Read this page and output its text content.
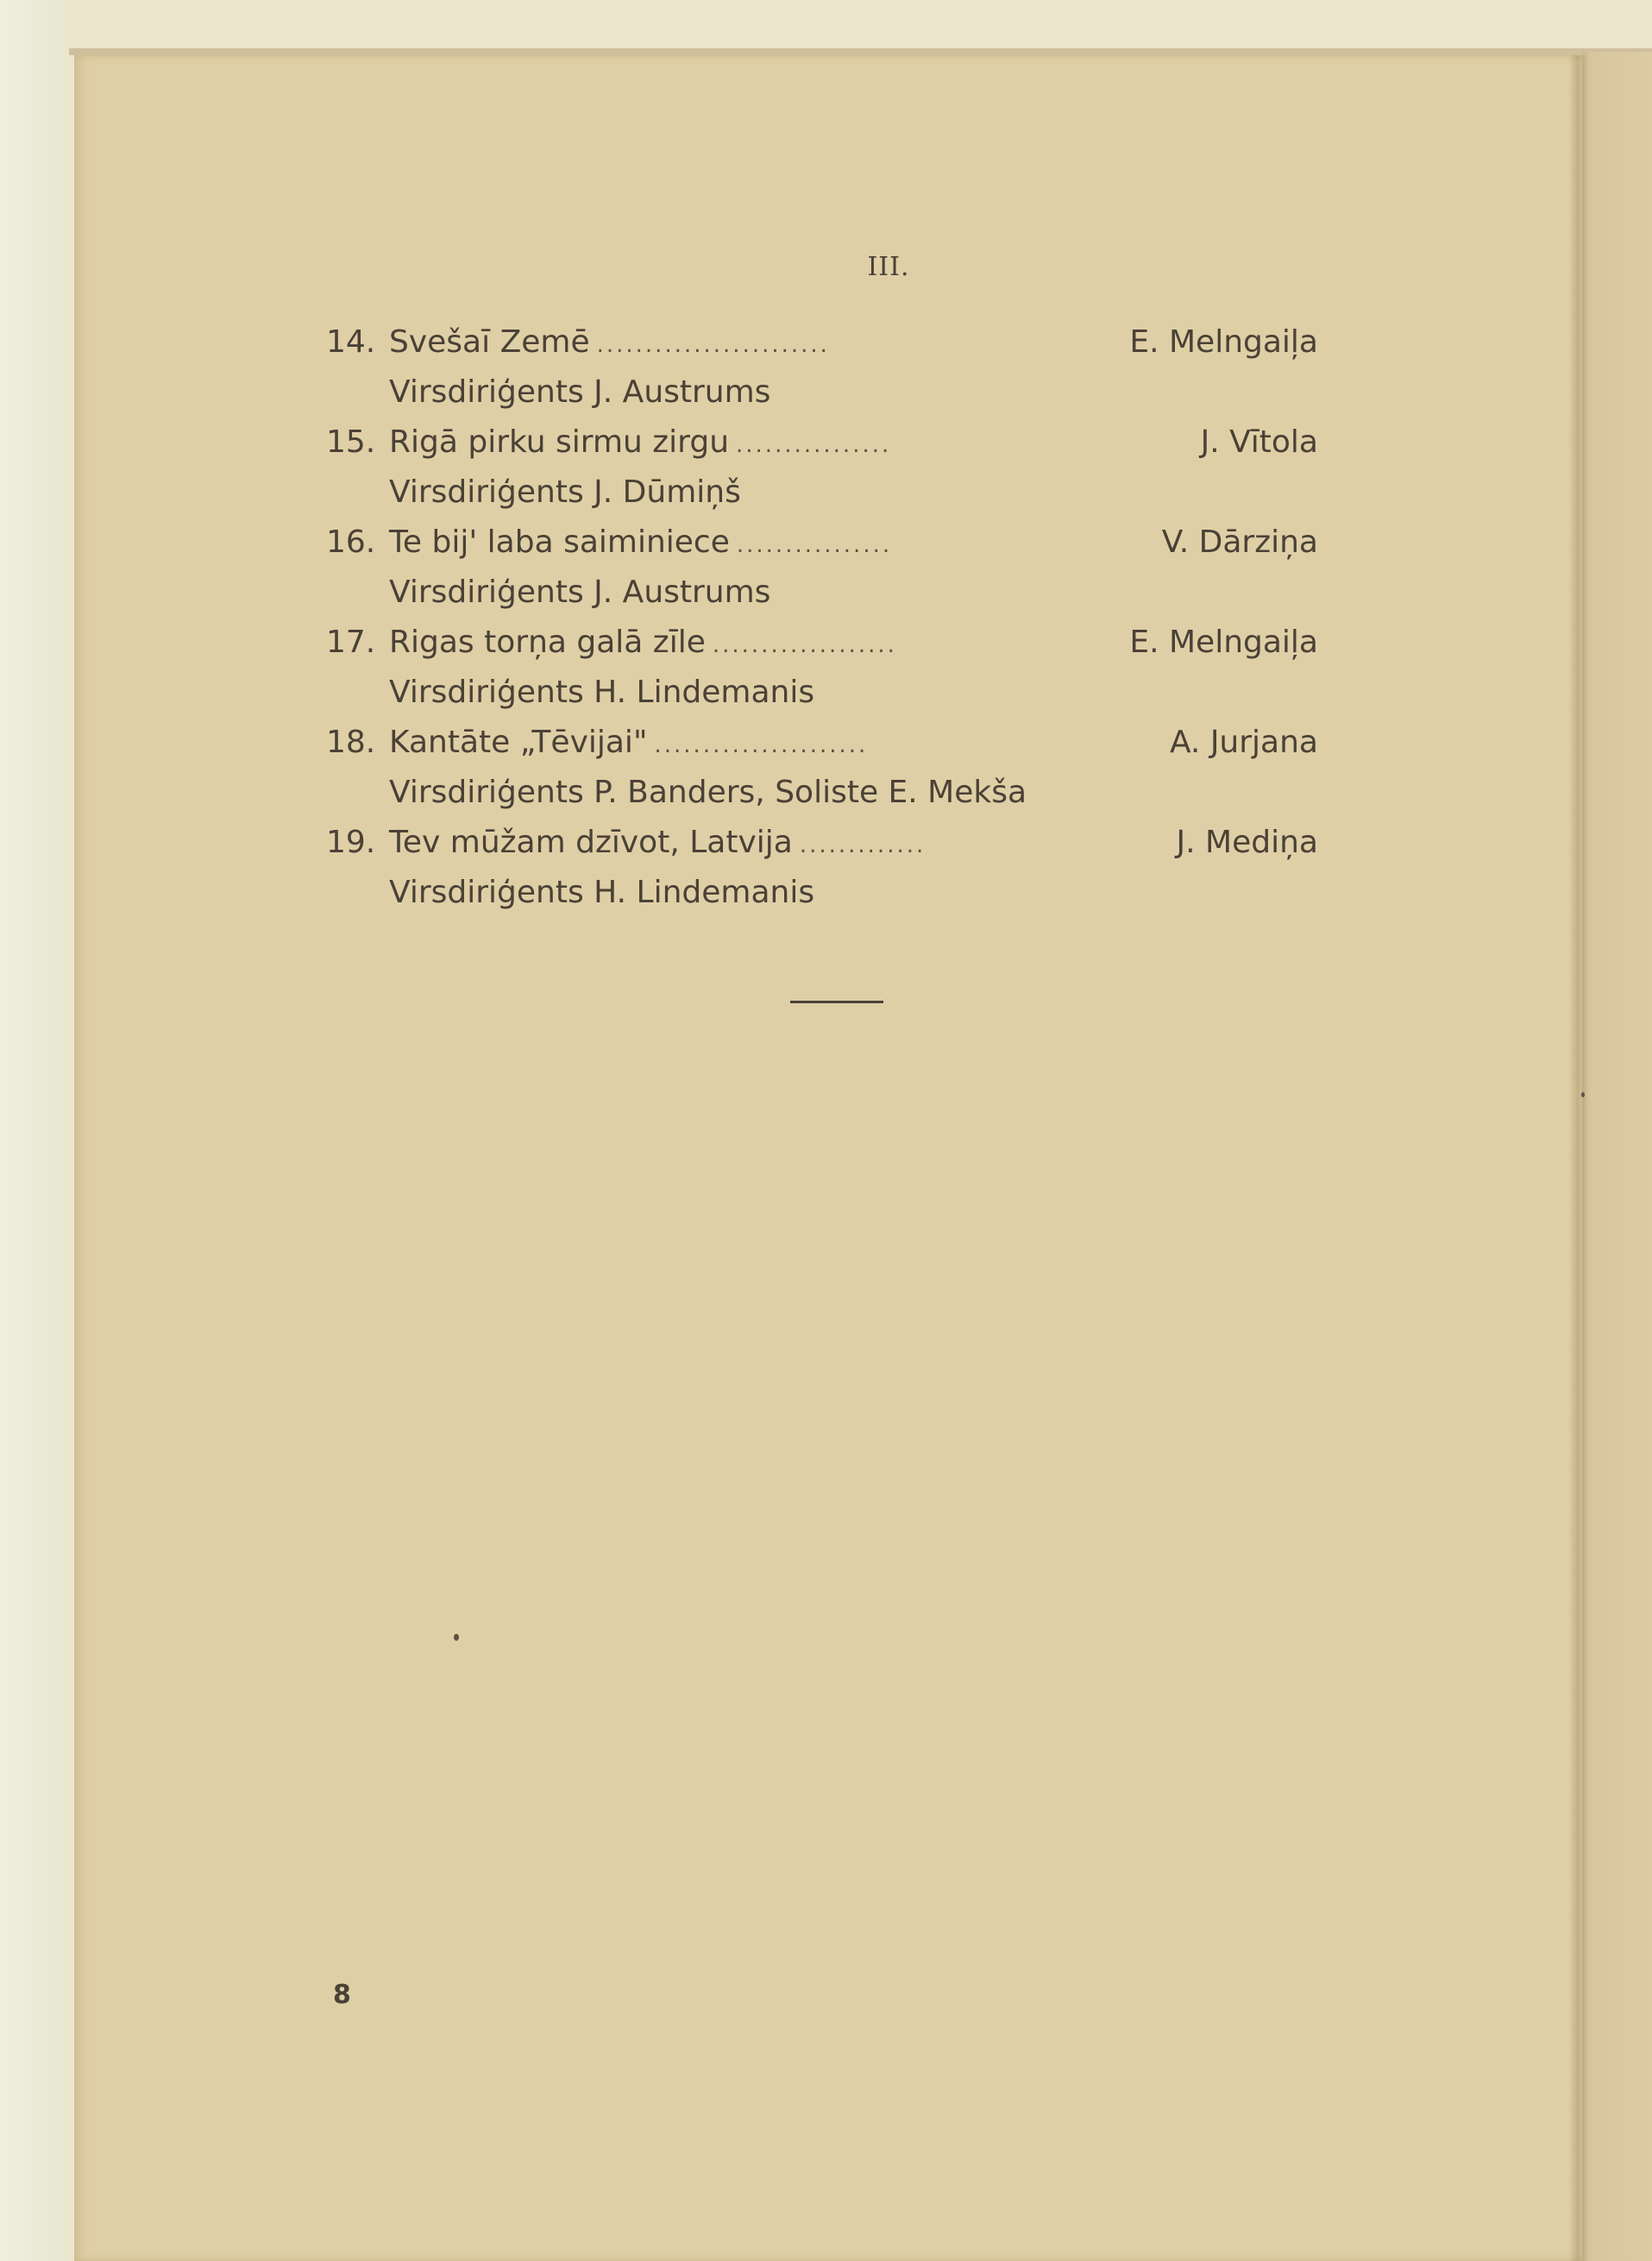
III.
14. Svešaī Zemē ........................	E. Melngaiļa
Virsdiriģents J. Austrums
15. Rigā pirku sirmu zirgu ................	J. Vītola
Virsdiriģents J. Dūmiņš
16. Te bij' laba saiminiece ................	V. Dārziņa
Virsdiriģents J. Austrums
17. Rigas torņa galā zīle ...................	E. Melngaiļa
Virsdiriģents H. Lindemanis
18. Kantāte „Tēvijai" ......................	A. Jurjana
Virsdiriģents P. Banders, Soliste E. Mekša
19. Tev mūžam dzīvot, Latvija .............	J. Mediņa
Virsdiriģents H. Lindemanis
8
